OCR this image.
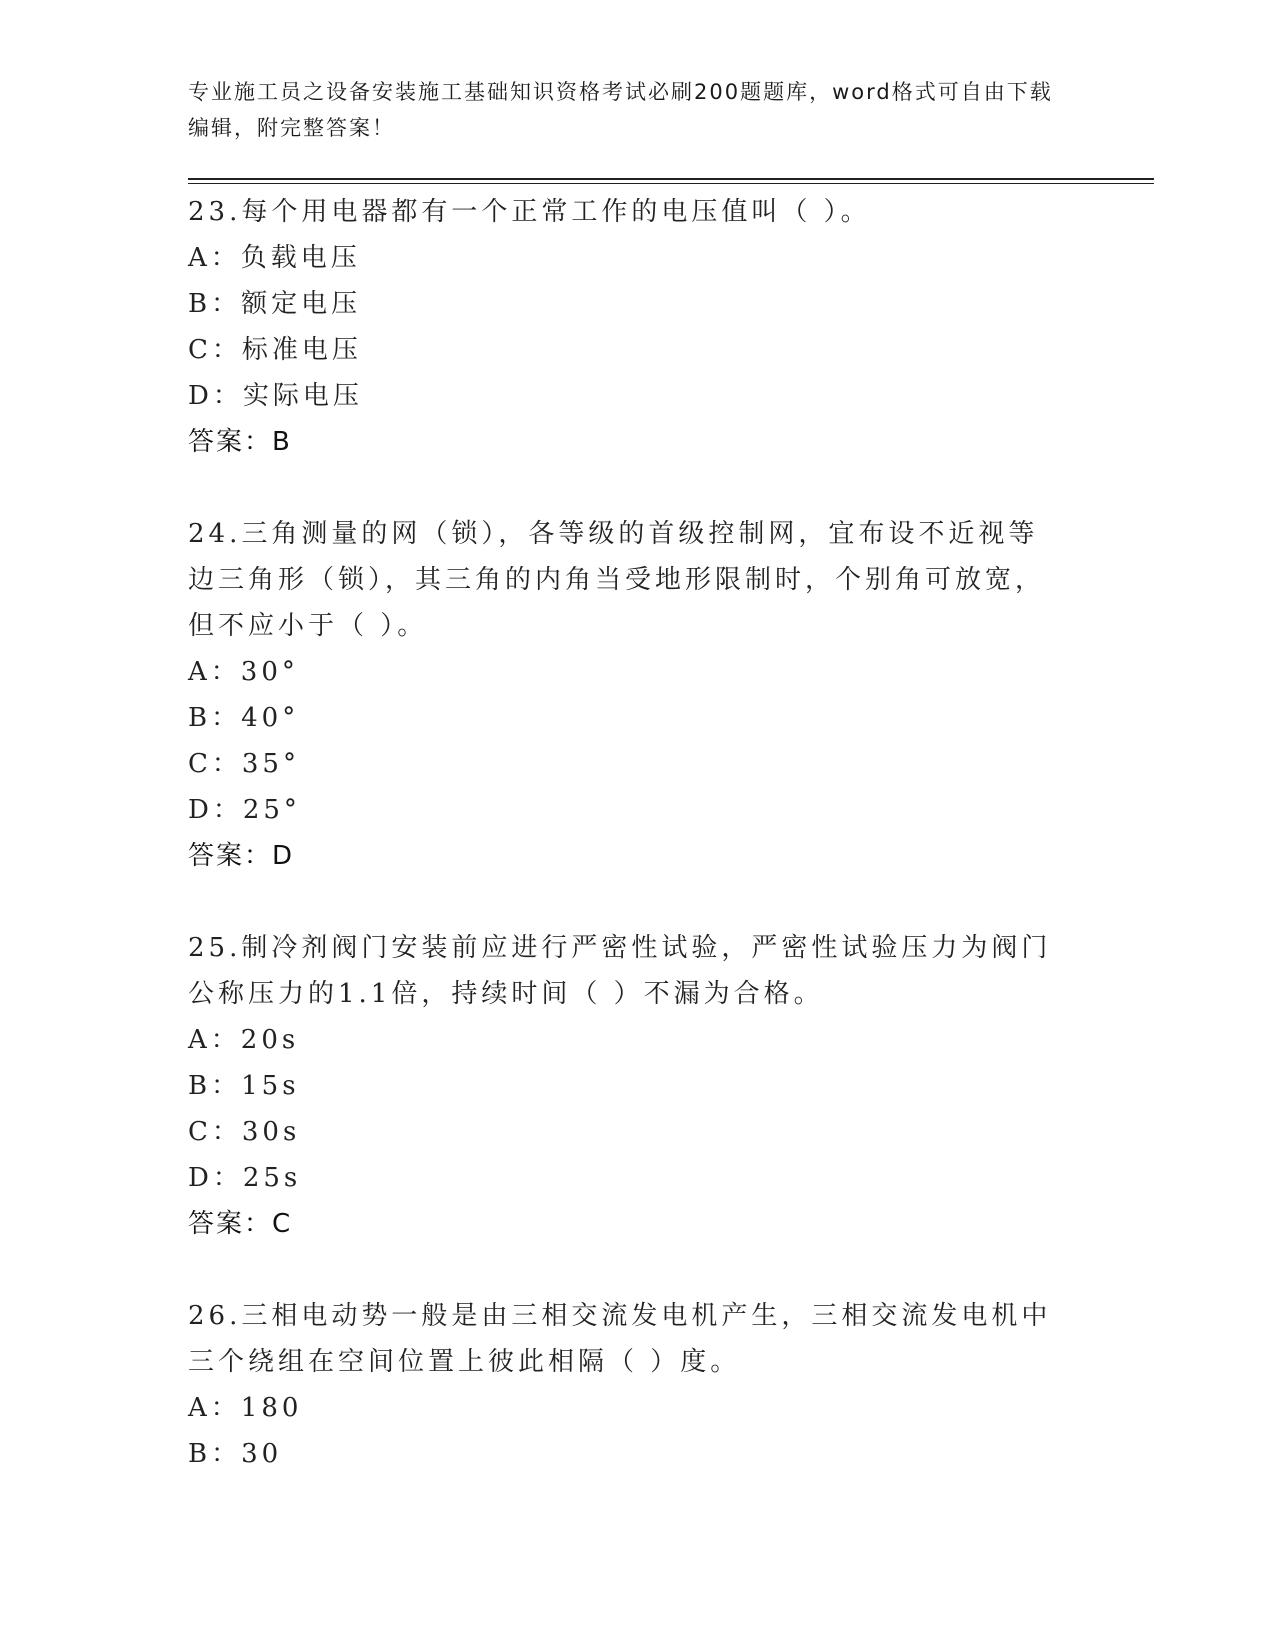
专业施工员之设备安装施工基础知识资格考试必刷200题题库，word格式可自由下载编辑，附完整答案！

23.每个用电器都有一个正常工作的电压值叫（ ）。

A：负载电压

B：额定电压

C：标准电压

D：实际电压

答案：B

24.三角测量的网（锁），各等级的首级控制网，宜布设不近视等边三角形（锁），其三角的内角当受地形限制时，个别角可放宽，但不应小于（ ）。

A：30°

B：40°

C：35°

D：25°

答案：D

25.制冷剂阀门安装前应进行严密性试验，严密性试验压力为阀门公称压力的1.1倍，持续时间（ ）不漏为合格。

A：20s

B：15s

C：30s

D：25s

答案：C

26.三相电动势一般是由三相交流发电机产生，三相交流发电机中三个绕组在空间位置上彼此相隔（ ）度。

A：180

B：30
